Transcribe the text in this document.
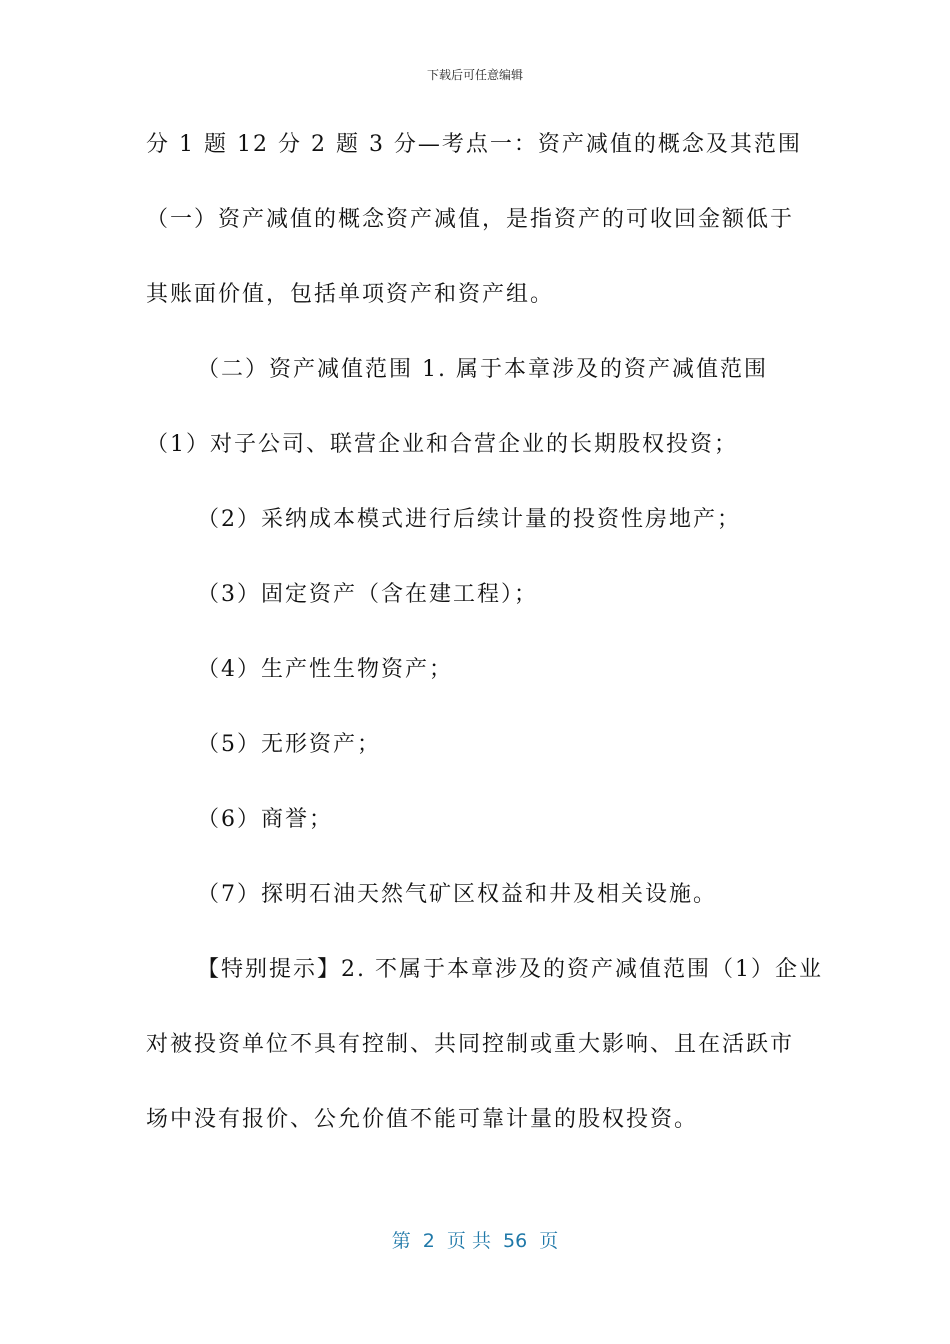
下载后可任意编辑
分 1 题 12 分 2 题 3 分—考点一：资产减值的概念及其范围
（一）资产减值的概念资产减值，是指资产的可收回金额低于
其账面价值，包括单项资产和资产组。
（二）资产减值范围 1. 属于本章涉及的资产减值范围
（1）对子公司、联营企业和合营企业的长期股权投资；
（2）采纳成本模式进行后续计量的投资性房地产；
（3）固定资产（含在建工程）；
（4）生产性生物资产；
（5）无形资产；
（6）商誉；
（7）探明石油天然气矿区权益和井及相关设施。
【特别提示】2. 不属于本章涉及的资产减值范围（1）企业
对被投资单位不具有控制、共同控制或重大影响、且在活跃市
场中没有报价、公允价值不能可靠计量的股权投资。
第  2  页 共  56  页
